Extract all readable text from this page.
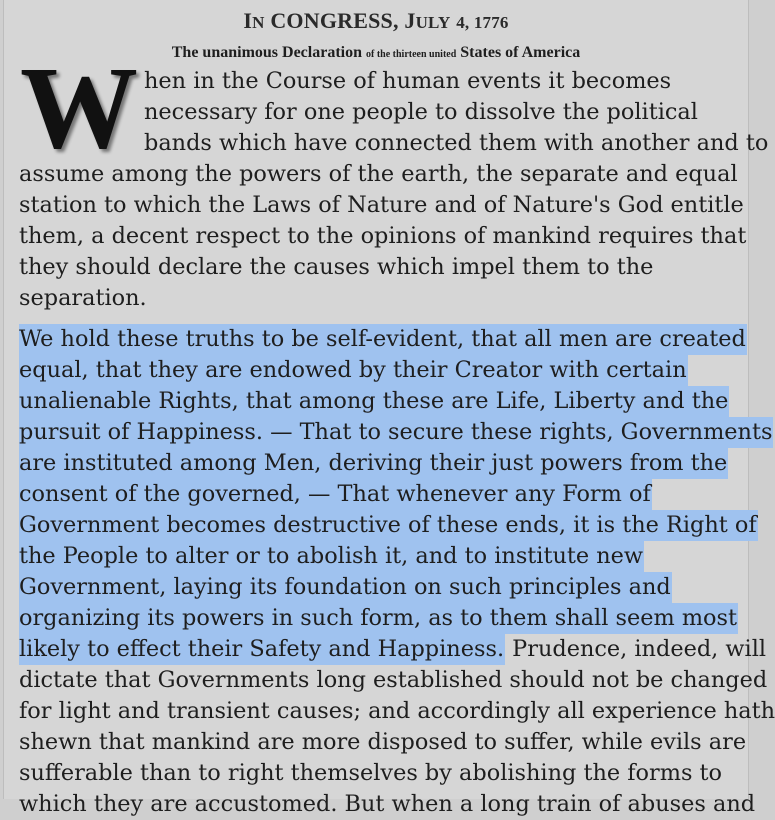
IN CONGRESS, JULY 4, 1776
The unanimous Declaration of the thirteen united States of America
W hen in the Course of human events it becomes
necessary for one people to dissolve the political
bands which have connected them with another and to
assume among the powers of the earth, the separate and equal
station to which the Laws of Nature and of Nature's God entitle
them, a decent respect to the opinions of mankind requires that
they should declare the causes which impel them to the
separation.
We hold these truths to be self-evident, that all men are created
equal, that they are endowed by their Creator with certain
unalienable Rights, that among these are Life, Liberty and the
pursuit of Happiness. — That to secure these rights, Governments
are instituted among Men, deriving their just powers from the
consent of the governed, — That whenever any Form of
Government becomes destructive of these ends, it is the Right of
the People to alter or to abolish it, and to institute new
Government, laying its foundation on such principles and
organizing its powers in such form, as to them shall seem most
likely to effect their Safety and Happiness. Prudence, indeed, will
dictate that Governments long established should not be changed
for light and transient causes; and accordingly all experience hath
shewn that mankind are more disposed to suffer, while evils are
sufferable than to right themselves by abolishing the forms to
which they are accustomed. But when a long train of abuses and
